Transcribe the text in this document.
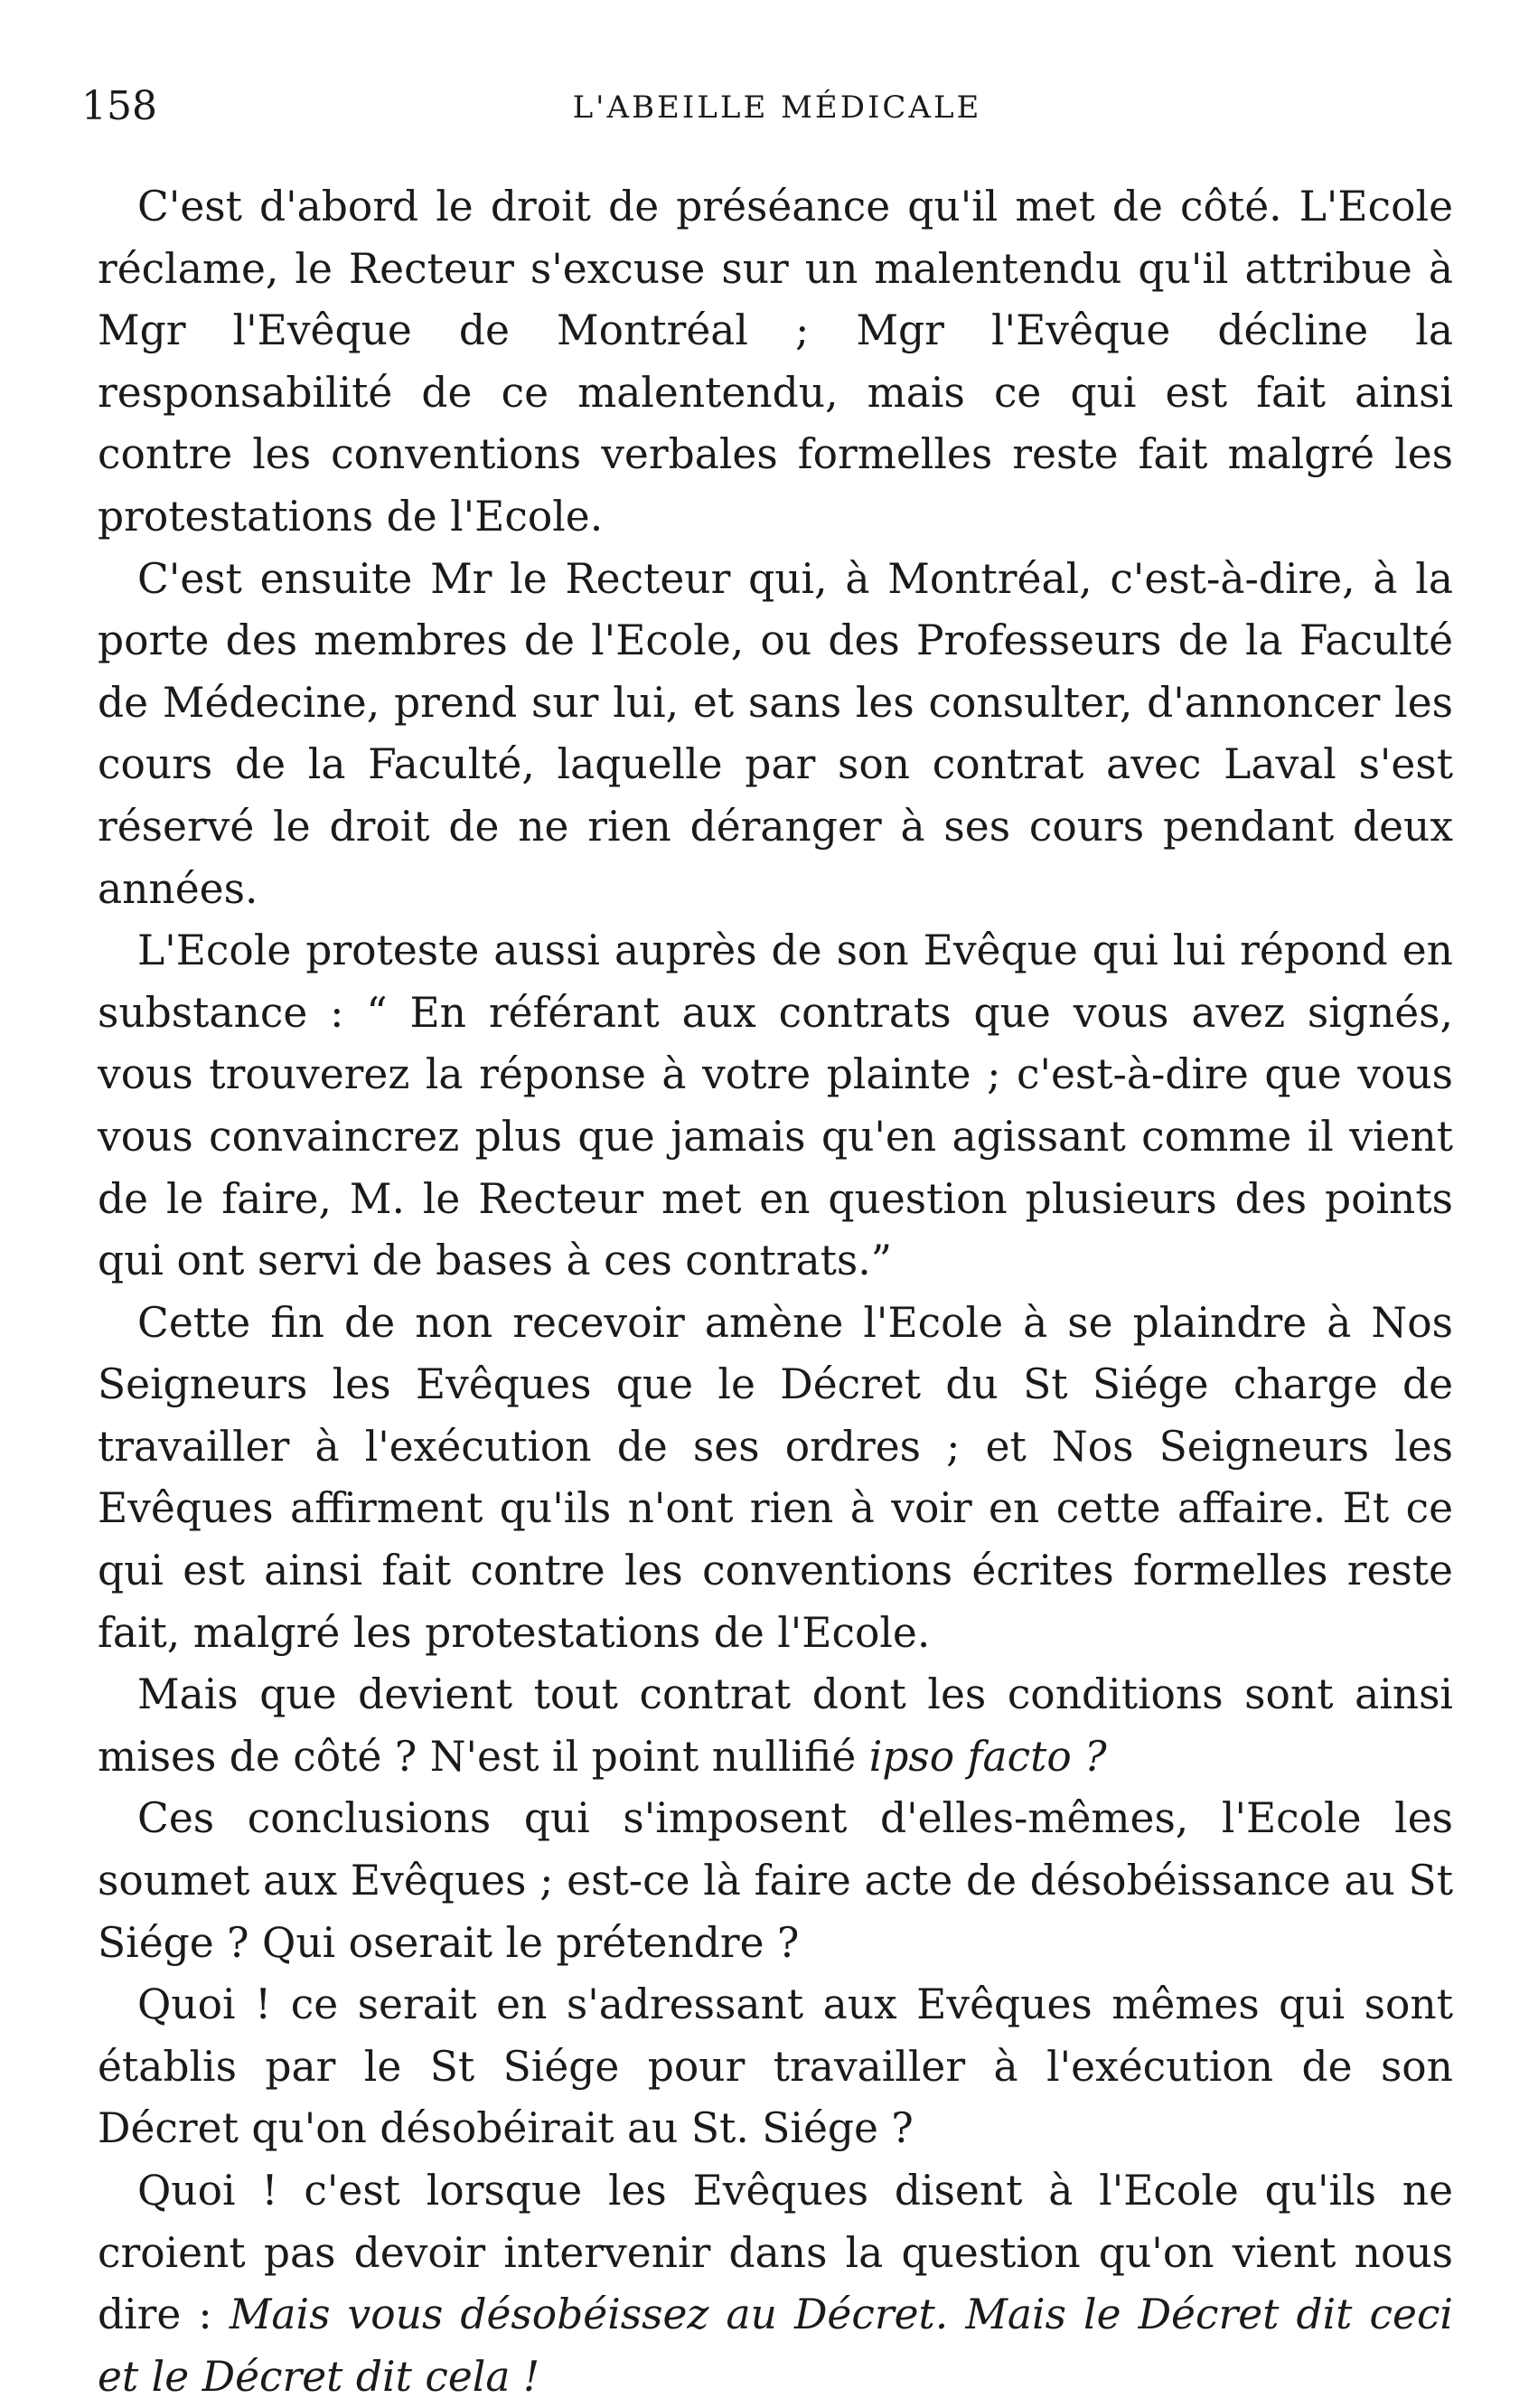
158	L'ABEILLE MÉDICALE

C'est d'abord le droit de préséance qu'il met de côté. L'Ecole réclame, le Recteur s'excuse sur un malentendu qu'il attribue à Mgr l'Evêque de Montréal ; Mgr l'Evêque décline la responsabilité de ce malentendu, mais ce qui est fait ainsi contre les conventions verbales formelles reste fait malgré les protestations de l'Ecole.

C'est ensuite Mr le Recteur qui, à Montréal, c'est-à-dire, à la porte des membres de l'Ecole, ou des Professeurs de la Faculté de Médecine, prend sur lui, et sans les consulter, d'annoncer les cours de la Faculté, laquelle par son contrat avec Laval s'est réservé le droit de ne rien déranger à ses cours pendant deux années.

L'Ecole proteste aussi auprès de son Evêque qui lui répond en substance : “ En référant aux contrats que vous avez signés, vous trouverez la réponse à votre plainte ; c'est-à-dire que vous vous convaincrez plus que jamais qu'en agissant comme il vient de le faire, M. le Recteur met en question plusieurs des points qui ont servi de bases à ces contrats.”

Cette fin de non recevoir amène l'Ecole à se plaindre à Nos Seigneurs les Evêques que le Décret du St Siége charge de travailler à l'exécution de ses ordres ; et Nos Seigneurs les Evêques affirment qu'ils n'ont rien à voir en cette affaire. Et ce qui est ainsi fait contre les conventions écrites formelles reste fait, malgré les protestations de l'Ecole.

Mais que devient tout contrat dont les conditions sont ainsi mises de côté ? N'est il point nullifié ipso facto ?

Ces conclusions qui s'imposent d'elles-mêmes, l'Ecole les soumet aux Evêques ; est-ce là faire acte de désobéissance au St Siége ? Qui oserait le prétendre ?

Quoi ! ce serait en s'adressant aux Evêques mêmes qui sont établis par le St Siége pour travailler à l'exécution de son Décret qu'on désobéirait au St. Siége ?

Quoi ! c'est lorsque les Evêques disent à l'Ecole qu'ils ne croient pas devoir intervenir dans la question qu'on vient nous dire : Mais vous désobéissez au Décret. Mais le Décret dit ceci et le Décret dit cela !
